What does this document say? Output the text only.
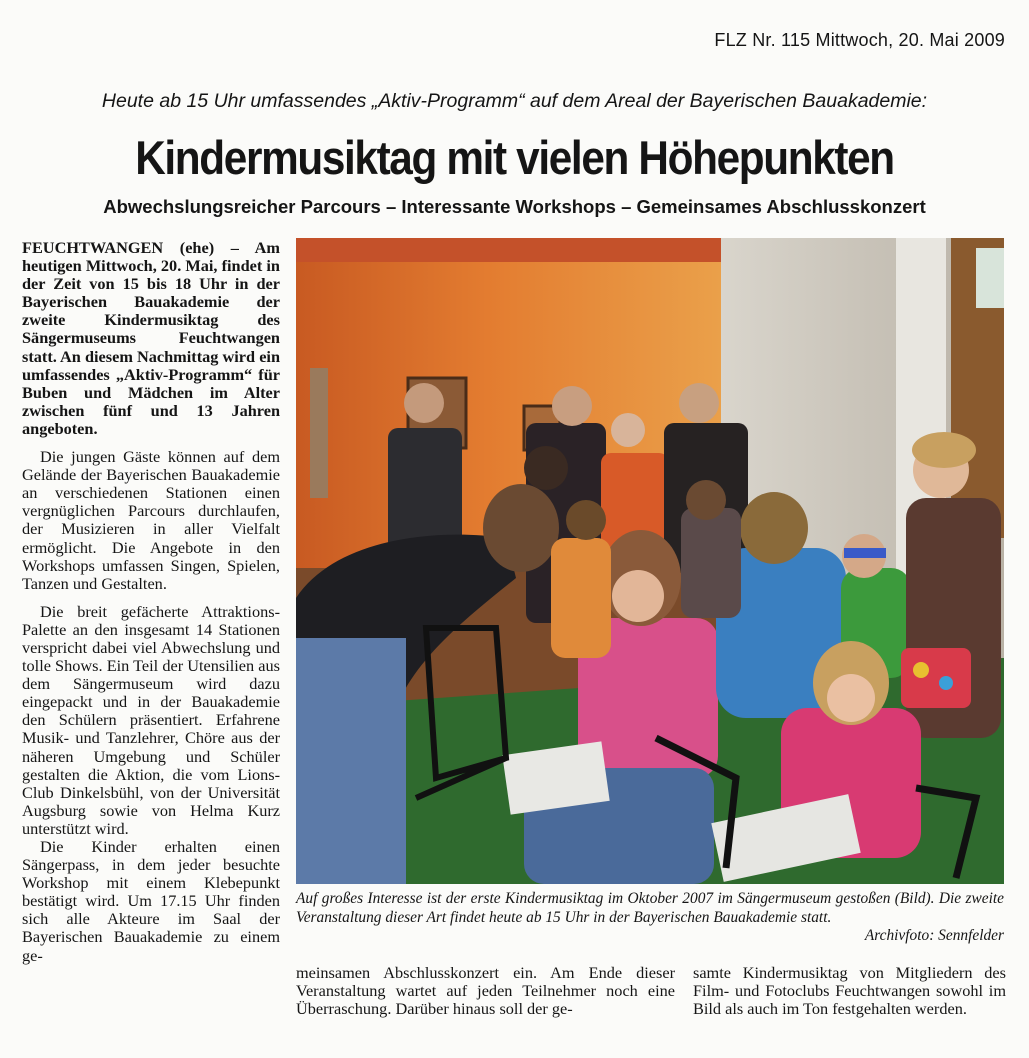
FLZ Nr. 115 Mittwoch, 20. Mai 2009
Heute ab 15 Uhr umfassendes „Aktiv-Programm“ auf dem Areal der Bayerischen Bauakademie:
Kindermusiktag mit vielen Höhepunkten
Abwechslungsreicher Parcours – Interessante Workshops – Gemeinsames Abschlusskonzert

FEUCHTWANGEN (ehe) – Am heutigen Mittwoch, 20. Mai, findet in der Zeit von 15 bis 18 Uhr in der Bayerischen Bauakademie der zweite Kindermusiktag des Sängermuseums Feuchtwangen statt. An diesem Nachmittag wird ein umfassendes „Aktiv-Programm“ für Buben und Mädchen im Alter zwischen fünf und 13 Jahren angeboten.

Die jungen Gäste können auf dem Gelände der Bayerischen Bauakademie an verschiedenen Stationen einen vergnüglichen Parcours durchlaufen, der Musizieren in aller Vielfalt ermöglicht. Die Angebote in den Workshops umfassen Singen, Spielen, Tanzen und Gestalten.

Die breit gefächerte Attraktions-Palette an den insgesamt 14 Stationen verspricht dabei viel Abwechslung und tolle Shows. Ein Teil der Utensilien aus dem Sängermuseum wird dazu eingepackt und in der Bauakademie den Schülern präsentiert. Erfahrene Musik- und Tanzlehrer, Chöre aus der näheren Umgebung und Schüler gestalten die Aktion, die vom Lions-Club Dinkelsbühl, von der Universität Augsburg sowie von Helma Kurz unterstützt wird.

Die Kinder erhalten einen Sängerpass, in dem jeder besuchte Workshop mit einem Klebepunkt bestätigt wird. Um 17.15 Uhr finden sich alle Akteure im Saal der Bayerischen Bauakademie zu einem ge-

Auf großes Interesse ist der erste Kindermusiktag im Oktober 2007 im Sängermuseum gestoßen (Bild). Die zweite Veranstaltung dieser Art findet heute ab 15 Uhr in der Bayerischen Bauakademie statt.
Archivfoto: Sennfelder

meinsamen Abschlusskonzert ein. Am Ende dieser Veranstaltung wartet auf jeden Teilnehmer noch eine Überraschung. Darüber hinaus soll der ge-

samte Kindermusiktag von Mitgliedern des Film- und Fotoclubs Feuchtwangen sowohl im Bild als auch im Ton festgehalten werden.
